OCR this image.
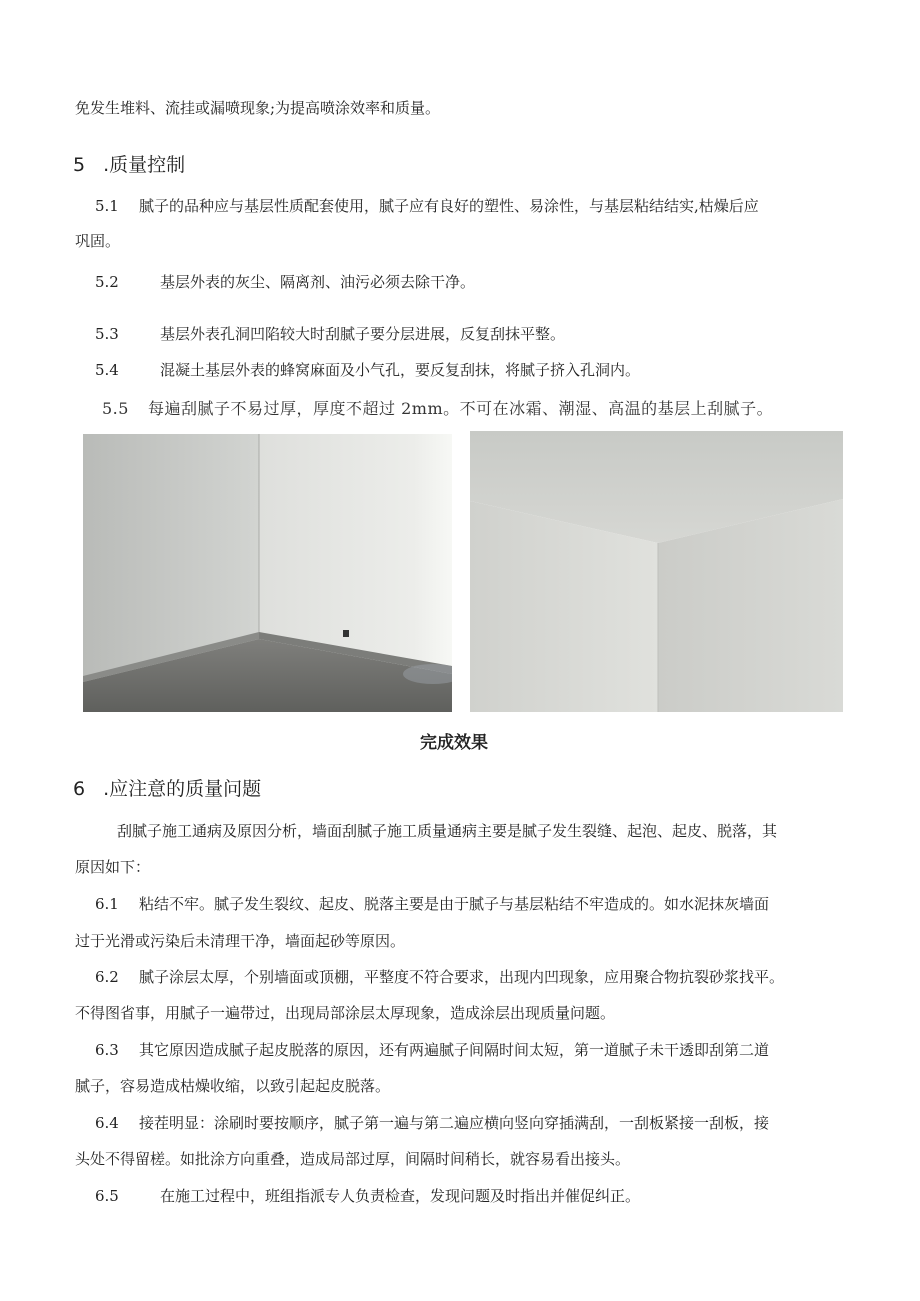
免发生堆料、流挂或漏喷现象;为提高喷涂效率和质量。
5 .质量控制
5.1 腻子的品种应与基层性质配套使用，腻子应有良好的塑性、易涂性，与基层粘结结实,枯燥后应
巩固。
5.2	基层外表的灰尘、隔离剂、油污必须去除干净。
5.3	基层外表孔洞凹陷较大时刮腻子要分层进展，反复刮抹平整。
5.4	混凝土基层外表的蜂窝麻面及小气孔，要反复刮抹，将腻子挤入孔洞内。
5.5 每遍刮腻子不易过厚，厚度不超过 2mm。不可在冰霜、潮湿、高温的基层上刮腻子。
完成效果
6 .应注意的质量问题
刮腻子施工通病及原因分析，墙面刮腻子施工质量通病主要是腻子发生裂缝、起泡、起皮、脱落，其
原因如下：
6.1 粘结不牢。腻子发生裂纹、起皮、脱落主要是由于腻子与基层粘结不牢造成的。如水泥抹灰墙面
过于光滑或污染后未清理干净，墙面起砂等原因。
6.2 腻子涂层太厚，个别墙面或顶棚，平整度不符合要求，出现内凹现象，应用聚合物抗裂砂浆找平。
不得图省事，用腻子一遍带过，出现局部涂层太厚现象，造成涂层出现质量问题。
6.3 其它原因造成腻子起皮脱落的原因，还有两遍腻子间隔时间太短，第一道腻子未干透即刮第二道
腻子，容易造成枯燥收缩，以致引起起皮脱落。
6.4 接茬明显：涂刷时要按顺序，腻子第一遍与第二遍应横向竖向穿插满刮，一刮板紧接一刮板，接
头处不得留槎。如批涂方向重叠，造成局部过厚，间隔时间稍长，就容易看出接头。
6.5	在施工过程中，班组指派专人负责检查，发现问题及时指出并催促纠正。
